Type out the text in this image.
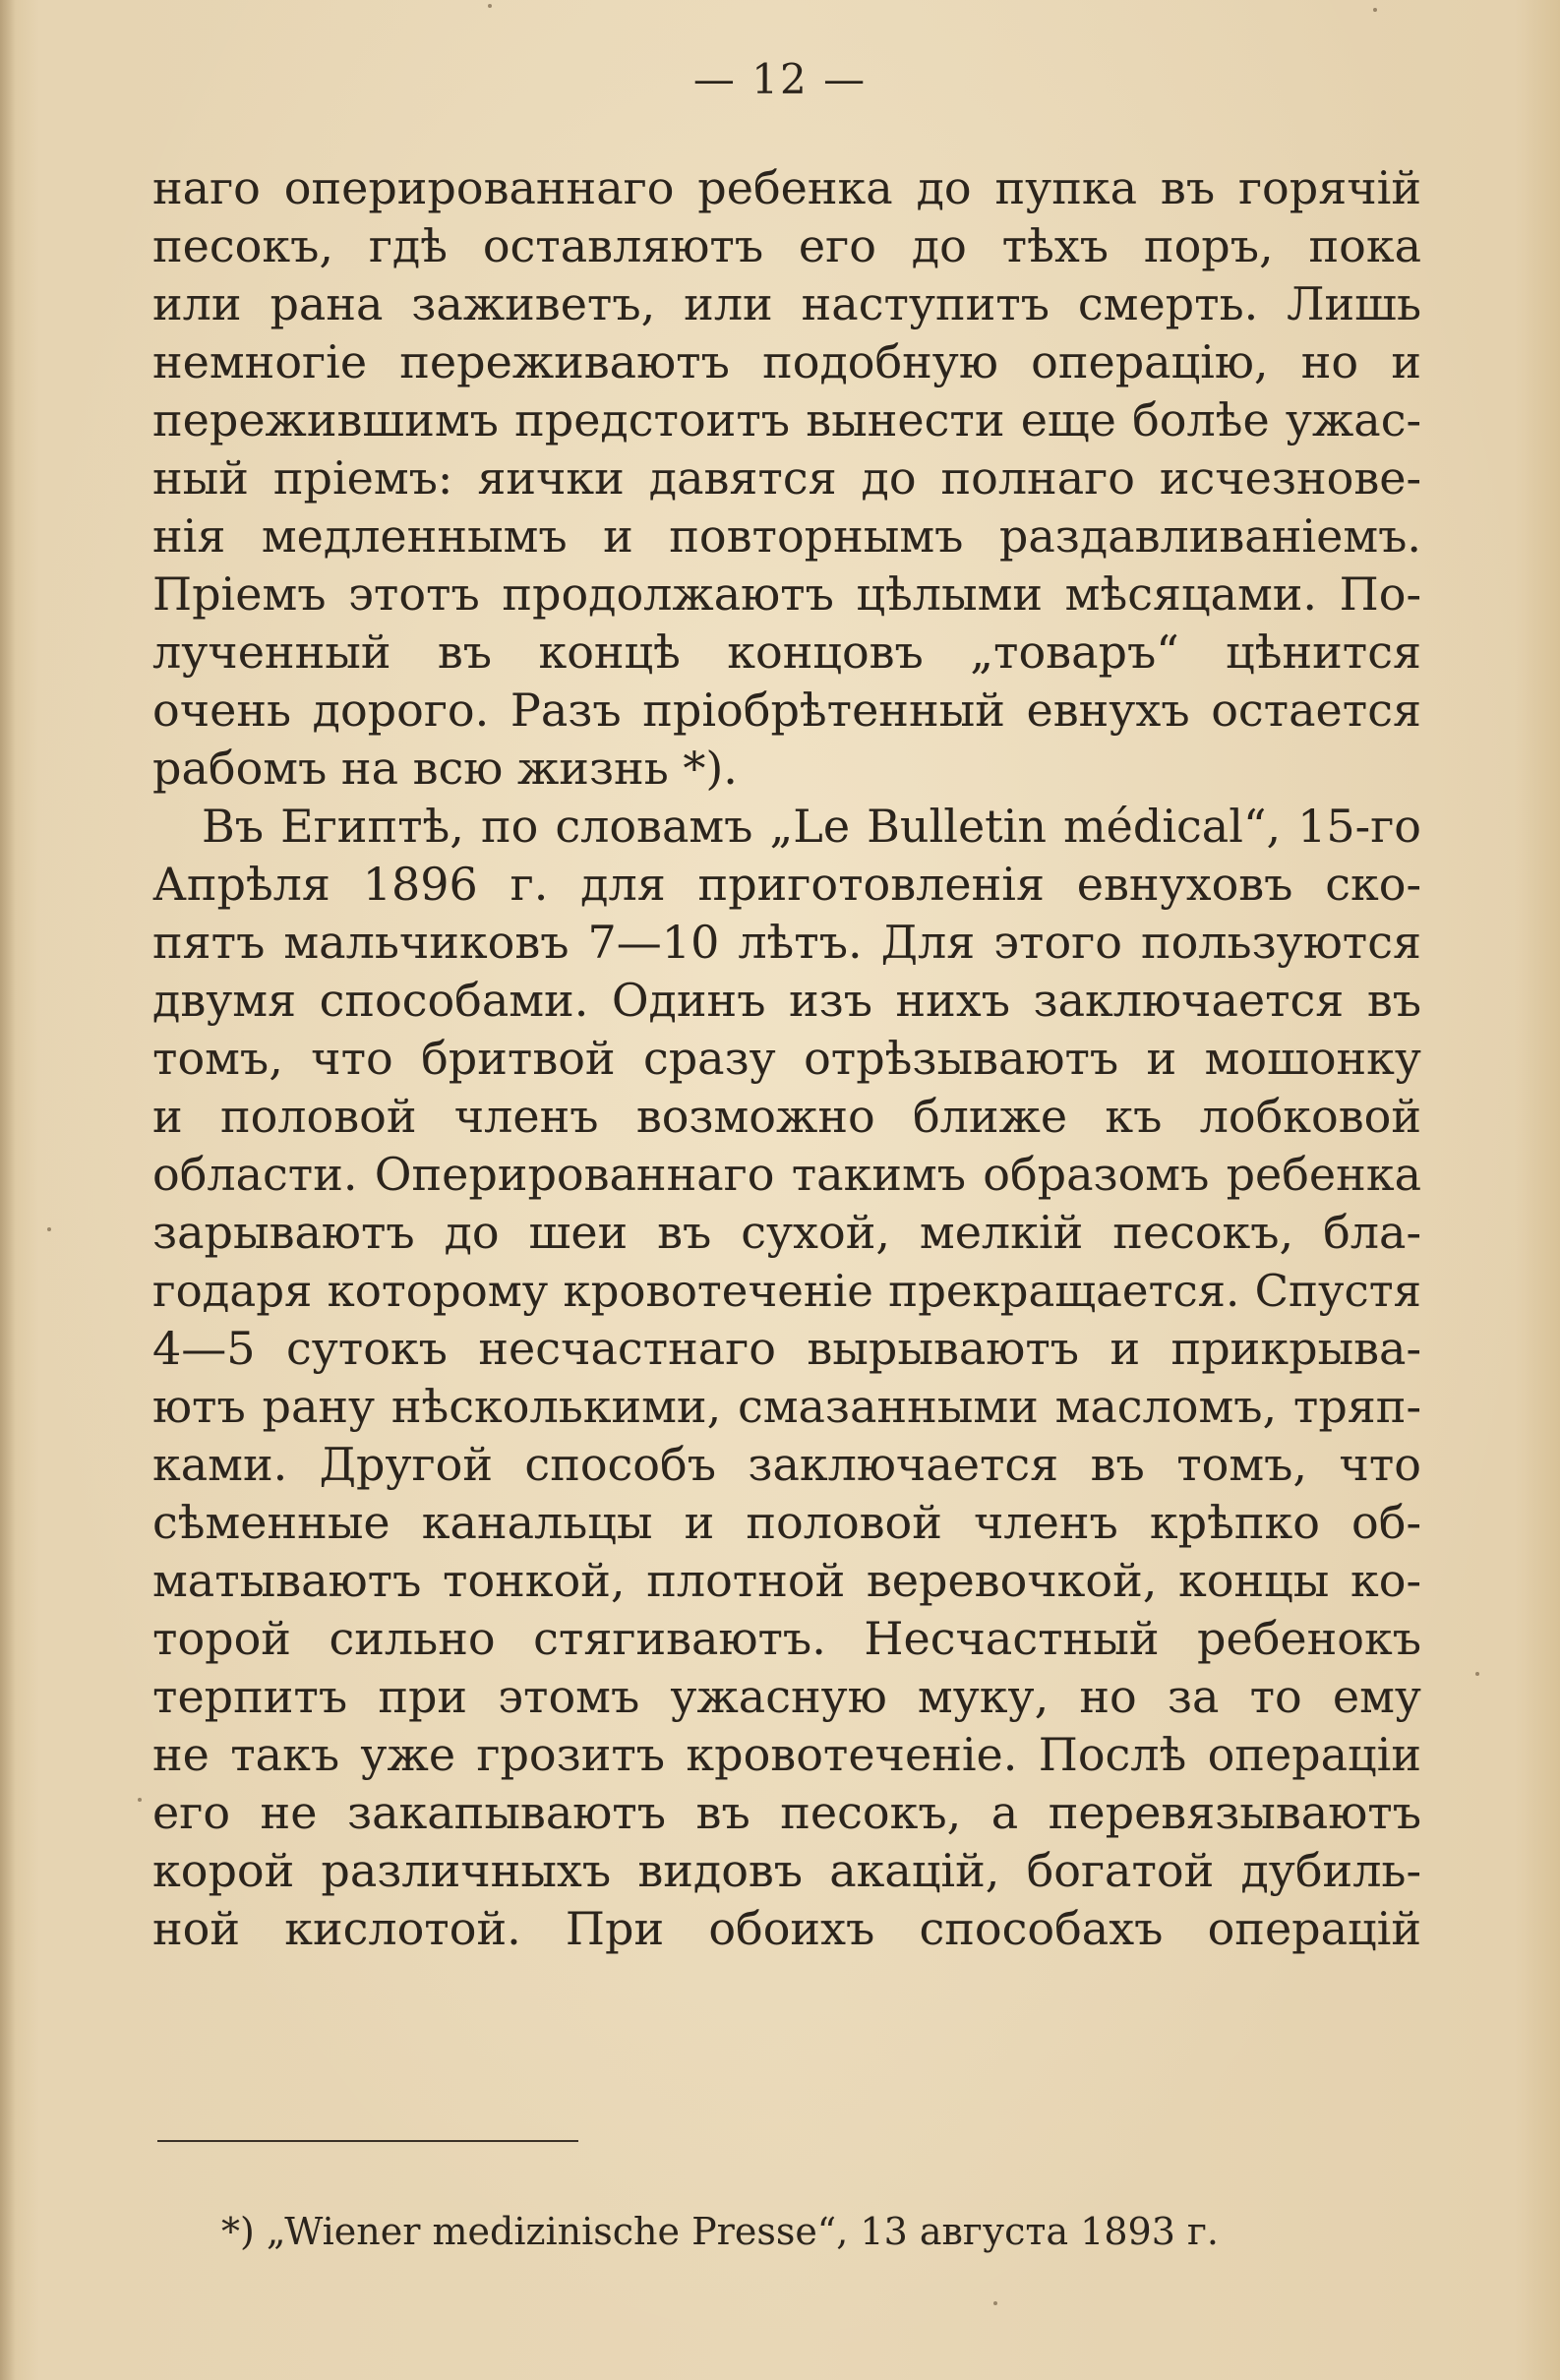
— 12 —
наго оперированнаго ребенка до пупка въ горячій
песокъ, гдѣ оставляютъ его до тѣхъ поръ, пока
или рана заживетъ, или наступитъ смерть. Лишь
немногіе переживаютъ подобную операцію, но и
пережившимъ предстоитъ вынести еще болѣе ужас-
ный пріемъ: яички давятся до полнаго исчезнове-
нія медленнымъ и повторнымъ раздавливаніемъ.
Пріемъ этотъ продолжаютъ цѣлыми мѣсяцами. По-
лученный въ концѣ концовъ „товаръ“ цѣнится
очень дорого. Разъ пріобрѣтенный евнухъ остается
рабомъ на всю жизнь *).
Въ Египтѣ, по словамъ „Le Bulletin médical“, 15-го
Апрѣля 1896 г. для приготовленія евнуховъ ско-
пятъ мальчиковъ 7—10 лѣтъ. Для этого пользуются
двумя способами. Одинъ изъ нихъ заключается въ
томъ, что бритвой сразу отрѣзываютъ и мошонку
и половой членъ возможно ближе къ лобковой
области. Оперированнаго такимъ образомъ ребенка
зарываютъ до шеи въ сухой, мелкій песокъ, бла-
годаря которому кровотеченіе прекращается. Спустя
4—5 сутокъ несчастнаго вырываютъ и прикрыва-
ютъ рану нѣсколькими, смазанными масломъ, тряп-
ками. Другой способъ заключается въ томъ, что
сѣменные канальцы и половой членъ крѣпко об-
матываютъ тонкой, плотной веревочкой, концы ко-
торой сильно стягиваютъ. Несчастный ребенокъ
терпитъ при этомъ ужасную муку, но за то ему
не такъ уже грозитъ кровотеченіе. Послѣ операціи
его не закапываютъ въ песокъ, а перевязываютъ
корой различныхъ видовъ акацій, богатой дубиль-
ной кислотой. При обоихъ способахъ операцій
*) „Wiener medizinische Presse“, 13 августа 1893 г.
